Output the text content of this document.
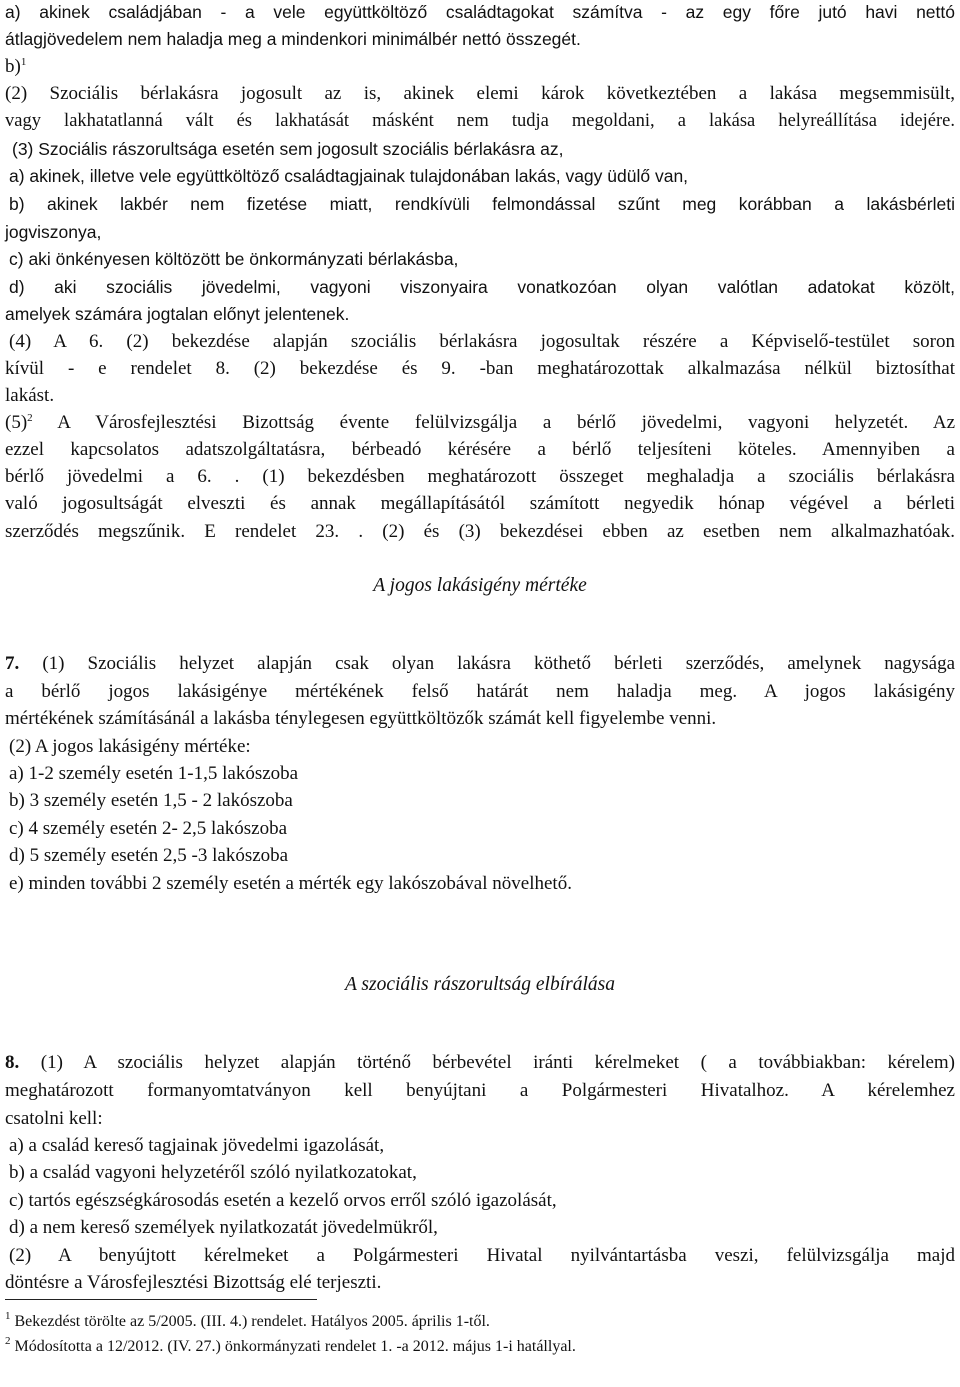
a) akinek családjában - a vele együttköltöző családtagokat számítva - az egy főre jutó havi nettó

átlagjövedelem nem haladja meg a mindenkori minimálbér nettó összegét.

b)$^1$

(2) Szociális bérlakásra jogosult az is, akinek elemi károk következtében a lakása megsemmisült,

vagy lakhatatlanná vált és lakhatását másként nem tudja megoldani, a lakása helyreállítása idejére.

(3) Szociális rászorultsága esetén sem jogosult szociális bérlakásra az,

a) akinek, illetve vele együttköltöző családtagjainak tulajdonában lakás, vagy üdülő van,

b) akinek lakbér nem fizetése miatt, rendkívüli felmondással szűnt meg korábban a lakásbérleti

jogviszonya,

c) aki önkényesen költözött be önkormányzati bérlakásba,

d) aki szociális jövedelmi, vagyoni viszonyaira vonatkozóan olyan valótlan adatokat közölt,

amelyek számára jogtalan előnyt jelentenek.

(4) A 6. (2) bekezdése alapján szociális bérlakásra jogosultak részére a Képviselő-testület soron

kívül - e rendelet 8. (2) bekezdése és 9. -ban meghatározottak alkalmazása nélkül biztosíthat

lakást.

$(5)^2$ A Városfejlesztési Bizottság évente felülvizsgálja a bérlő jövedelmi, vagyoni helyzetét. Az

ezzel kapcsolatos adatszolgáltatásra, bérbeadó kérésére a bérlő teljesíteni köteles. Amennyiben a

bérlő jövedelmi a 6. . (1) bekezdésben meghatározott összeget meghaladja a szociális bérlakásra

való jogosultságát elveszti és annak megállapításától számított negyedik hónap végével a bérleti

szerződés megszűnik. E rendelet 23. . (2) és (3) bekezdései ebben az esetben nem alkalmazhatóak.

A jogos lakásigény mértéke

7. (1) Szociális helyzet alapján csak olyan lakásra köthető bérleti szerződés, amelynek nagysága

a bérlő jogos lakásigénye mértékének felső határát nem haladja meg. A jogos lakásigény

mértékének számításánál a lakásba ténylegesen együttköltözők számát kell figyelembe venni.

(2) A jogos lakásigény mértéke:

a) 1-2 személy esetén 1-1,5 lakószoba

b) 3 személy esetén 1,5 - 2 lakószoba

c) 4 személy esetén 2- 2,5 lakószoba

d) 5 személy esetén 2,5 -3 lakószoba

e) minden további 2 személy esetén a mérték egy lakószobával növelhető.

A szociális rászorultság elbírálása

8. (1) A szociális helyzet alapján történő bérbevétel iránti kérelmeket ( a továbbiakban: kérelem)

meghatározott formanyomtatványon kell benyújtani a Polgármesteri Hivatalhoz. A kérelemhez

csatolni kell:

a) a család kereső tagjainak jövedelmi igazolását,

b) a család vagyoni helyzetéről szóló nyilatkozatokat,

c) tartós egészségkárosodás esetén a kezelő orvos erről szóló igazolását,

d) a nem kereső személyek nyilatkozatát jövedelmükről,

(2) A benyújtott kérelmeket a Polgármesteri Hivatal nyilvántartásba veszi, felülvizsgálja majd

döntésre a Városfejlesztési Bizottság elé terjeszti.

$^1$ Bekezdést törölte az 5/2005. (III. 4.) rendelet. Hatályos 2005. április 1-től.

$^2$ Módosította a 12/2012. (IV. 27.) önkormányzati rendelet 1. -a 2012. május 1-i hatállyal.
